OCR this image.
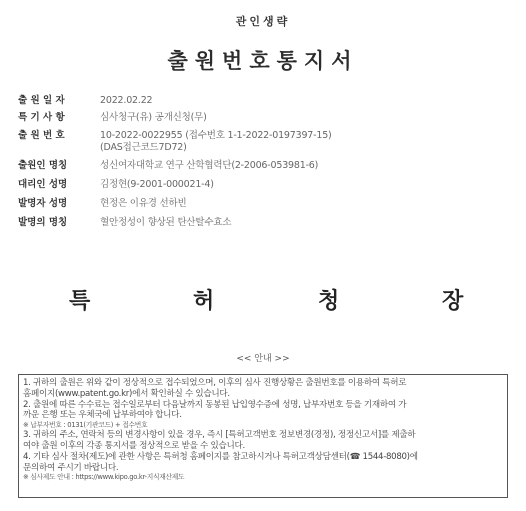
관인생략
출원번호통지서
출 원 일 자	2022.02.22
특 기 사 항	심사청구(유) 공개신청(무)
출 원 번 호	10-2022-0022955 (접수번호 1-1-2022-0197397-15)
(DAS접근코드7D72)
출원인 명칭	성신여자대학교 연구 산학협력단(2-2006-053981-6)
대리인 성명	김정현(9-2001-000021-4)
발명자 성명	현정은 이유경 선하빈
발명의 명칭	혈안정성이 향상된 탄산탈수효소
특	허	청	장
<< 안내 >>
1. 귀하의 출원은 위와 같이 정상적으로 접수되었으며, 이후의 심사 진행상황은 출원번호를 이용하여 특허로
홈페이지(www.patent.go.kr)에서 확인하실 수 있습니다.
2. 출원에 따른 수수료는 접수일로부터 다음날까지 동봉된 납입영수증에 성명, 납부자번호 등을 기재하여 가
까운 은행 또는 우체국에 납부하여야 합니다.
※ 납부자번호 : 0131(기관코드) + 접수번호
3. 귀하의 주소, 연락처 등의 변경사항이 있을 경우, 즉시 [특허고객번호 정보변경(경정), 정정신고서]를 제출하
여야 출원 이후의 각종 통지서를 정상적으로 받을 수 있습니다.
4. 기타 심사 절차(제도)에 관한 사항은 특허청 홈페이지를 참고하시거나 특허고객상담센터(☎ 1544-8080)에
문의하여 주시기 바랍니다.
※ 심사제도 안내 : https://www.kipo.go.kr-지식재산제도
